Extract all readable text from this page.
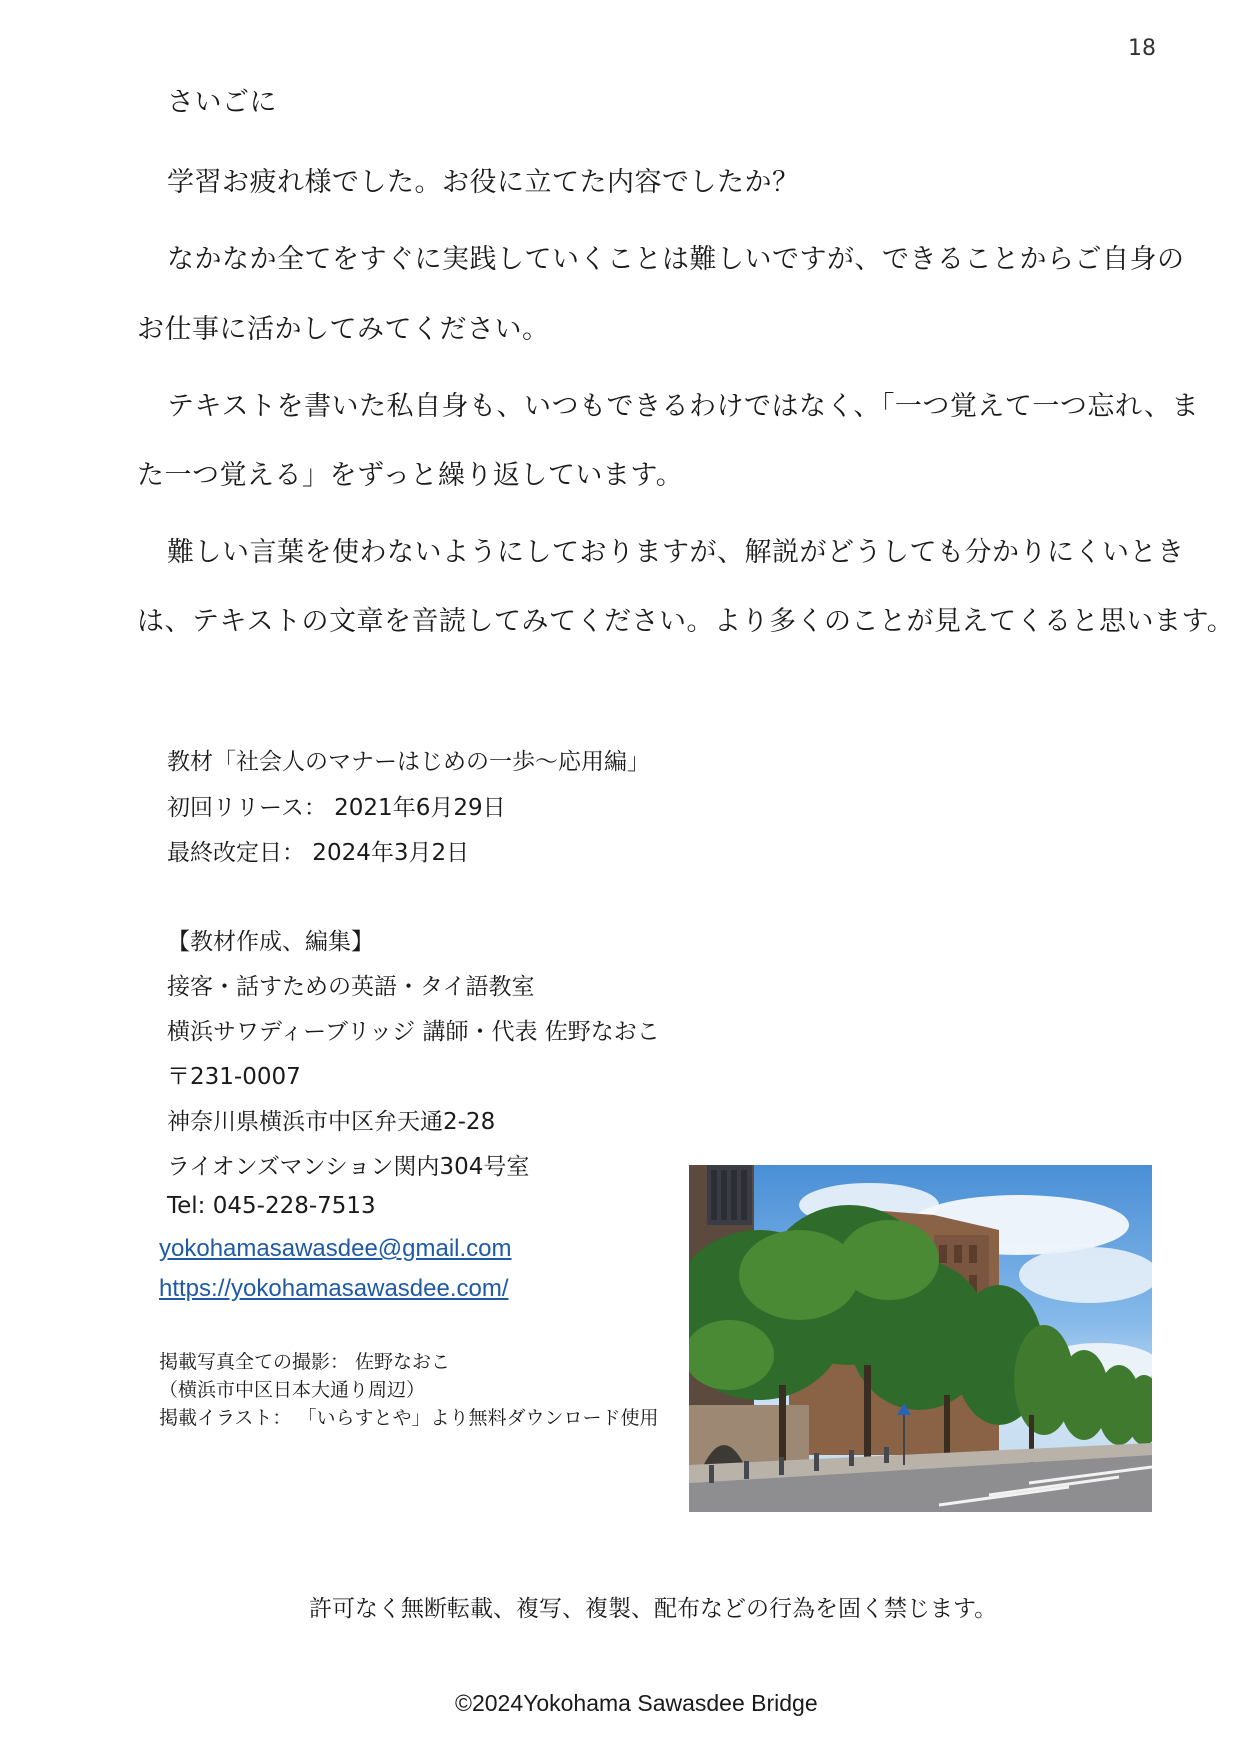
18
さいごに
学習お疲れ様でした。お役に立てた内容でしたか？
なかなか全てをすぐに実践していくことは難しいですが、できることからご自身の
お仕事に活かしてみてください。
テキストを書いた私自身も、いつもできるわけではなく、「一つ覚えて一つ忘れ、ま
た一つ覚える」をずっと繰り返しています。
難しい言葉を使わないようにしておりますが、解説がどうしても分かりにくいとき
は、テキストの文章を音読してみてください。より多くのことが見えてくると思います。
教材「社会人のマナーはじめの一歩～応用編」
初回リリース： 2021年6月29日
最終改定日： 2024年3月2日
【教材作成、編集】
接客・話すための英語・タイ語教室
横浜サワディーブリッジ 講師・代表 佐野なおこ
〒231-0007
神奈川県横浜市中区弁天通2-28
ライオンズマンション関内304号室
Tel: 045-228-7513
yokohamasawasdee@gmail.com
https://yokohamasawasdee.com/
掲載写真全ての撮影： 佐野なおこ
（横浜市中区日本大通り周辺）
掲載イラスト： 「いらすとや」より無料ダウンロード使用
許可なく無断転載、複写、複製、配布などの行為を固く禁じます。
©2024Yokohama Sawasdee Bridge
